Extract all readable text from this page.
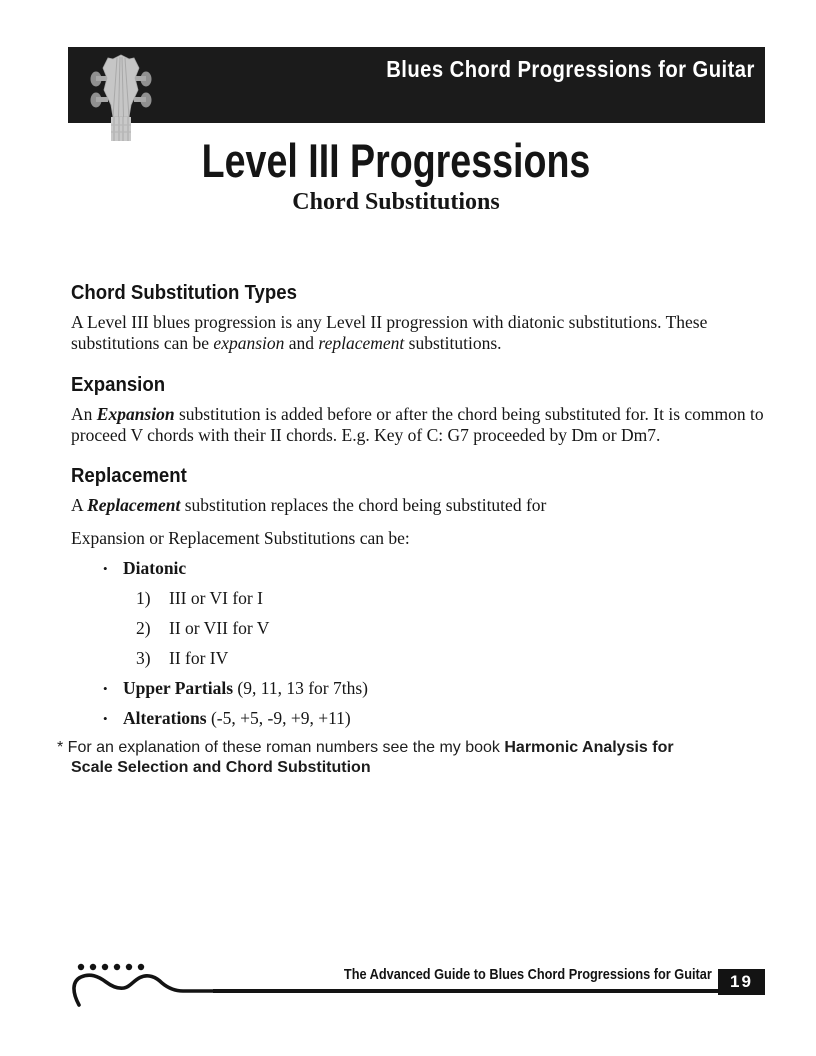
Blues Chord Progressions for Guitar
Level III Progressions
Chord Substitutions
Chord Substitution Types

A Level III blues progression is any Level II progression with diatonic substitutions. These substitutions can be expansion and replacement substitutions.

Expansion

An Expansion substitution is added before or after the chord being substituted for. It is common to proceed V chords with their II chords. E.g. Key of C: G7 proceeded by Dm or Dm7.

Replacement

A Replacement substitution replaces the chord being substituted for

Expansion or Replacement Substitutions can be:

• Diatonic
1) III or VI for I
2) II or VII for V
3) II for IV
• Upper Partials (9, 11, 13 for 7ths)
• Alterations (-5, +5, -9, +9, +11)

* For an explanation of these roman numbers see the my book Harmonic Analysis for Scale Selection and Chord Substitution

The Advanced Guide to Blues Chord Progressions for Guitar	19
